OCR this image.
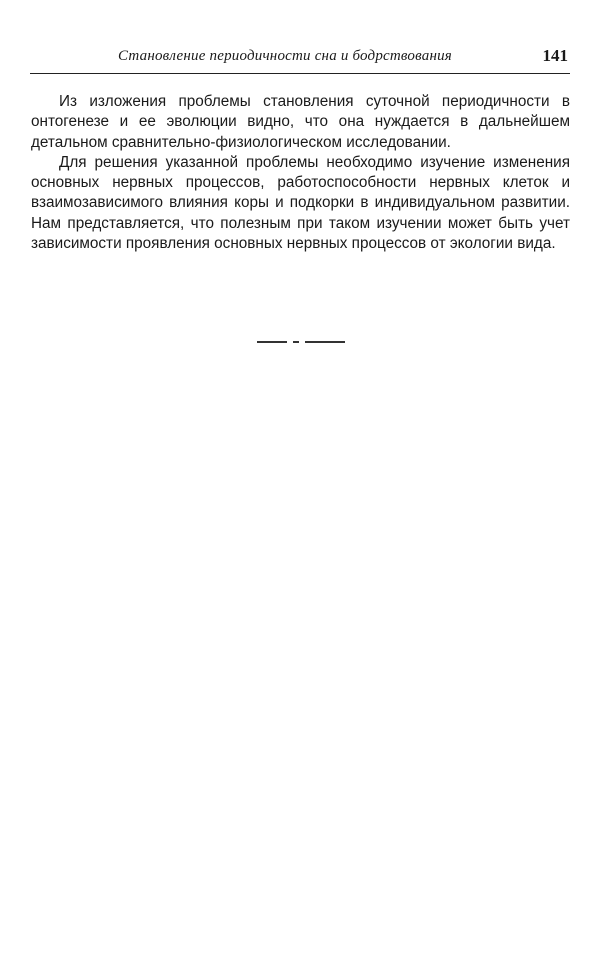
Становление периодичности сна и бодрствования	141

Из изложения проблемы становления суточной периодичности в онтогенезе и ее эволюции видно, что она нуждается в дальнейшем детальном сравнительно-физиологическом исследовании.

Для решения указанной проблемы необходимо изучение изменения основных нервных процессов, работоспособности нервных клеток и взаимозависимого влияния коры и подкорки в индивидуальном развитии. Нам представляется, что полезным при таком изучении может быть учет зависимости проявления основных нервных процессов от экологии вида.
